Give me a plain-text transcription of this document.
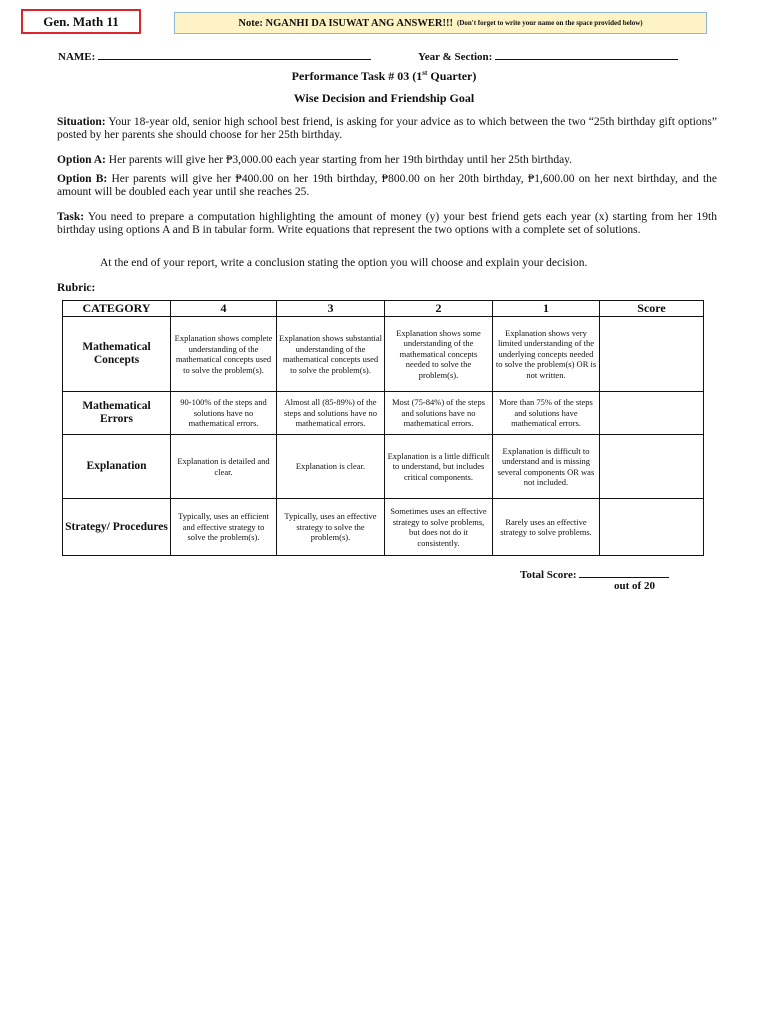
Gen. Math 11	Note: NGANHI DA ISUWAT ANG ANSWER!!! (Don't forget to write your name on the space provided below)
NAME:	Year & Section:
Performance Task # 03 (1st Quarter)
Wise Decision and Friendship Goal
Situation: Your 18-year old, senior high school best friend, is asking for your advice as to which between the two “25th birthday gift options” posted by her parents she should choose for her 25th birthday.
Option A: Her parents will give her ₱3,000.00 each year starting from her 19th birthday until her 25th birthday.
Option B: Her parents will give her ₱400.00 on her 19th birthday, ₱800.00 on her 20th birthday, ₱1,600.00 on her next birthday, and the amount will be doubled each year until she reaches 25.
Task: You need to prepare a computation highlighting the amount of money (y) your best friend gets each year (x) starting from her 19th birthday using options A and B in tabular form. Write equations that represent the two options with a complete set of solutions.
At the end of your report, write a conclusion stating the option you will choose and explain your decision.
Rubric:
CATEGORY	4	3	2	1	Score
Mathematical Concepts	Explanation shows complete understanding of the mathematical concepts used to solve the problem(s).	Explanation shows substantial understanding of the mathematical concepts used to solve the problem(s).	Explanation shows some understanding of the mathematical concepts needed to solve the problem(s).	Explanation shows very limited understanding of the underlying concepts needed to solve the problem(s) OR is not written.	
Mathematical Errors	90-100% of the steps and solutions have no mathematical errors.	Almost all (85-89%) of the steps and solutions have no mathematical errors.	Most (75-84%) of the steps and solutions have no mathematical errors.	More than 75% of the steps and solutions have mathematical errors.	
Explanation	Explanation is detailed and clear.	Explanation is clear.	Explanation is a little difficult to understand, but includes critical components.	Explanation is difficult to understand and is missing several components OR was not included.	
Strategy/ Procedures	Typically, uses an efficient and effective strategy to solve the problem(s).	Typically, uses an effective strategy to solve the problem(s).	Sometimes uses an effective strategy to solve problems, but does not do it consistently.	Rarely uses an effective strategy to solve problems.	
Total Score:
out of 20
